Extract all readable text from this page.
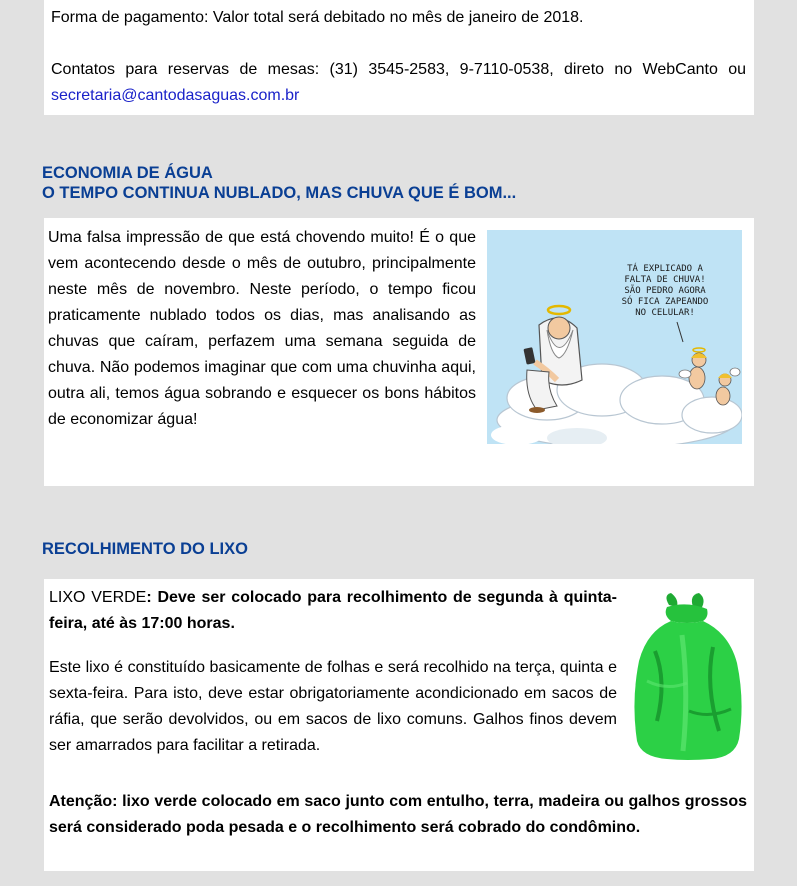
Forma de pagamento: Valor total será debitado no mês de janeiro de 2018.

Contatos para reservas de mesas: (31) 3545-2583, 9-7110-0538, direto no WebCanto ou secretaria@cantodasaguas.com.br

ECONOMIA DE ÁGUA
O TEMPO CONTINUA NUBLADO, MAS CHUVA QUE É BOM...

Uma falsa impressão de que está chovendo muito! É o que vem acontecendo desde o mês de outubro, principalmente neste mês de novembro. Neste período, o tempo ficou praticamente nublado todos os dias, mas analisando as chuvas que caíram, perfazem uma semana seguida de chuva. Não podemos imaginar que com uma chuvinha aqui, outra ali, temos água sobrando e esquecer os bons hábitos de economizar água!

TÁ EXPLICADO A
FALTA DE CHUVA!
SÃO PEDRO AGORA
SÓ FICA ZAPEANDO
NO CELULAR!
RECOLHIMENTO DO LIXO

LIXO VERDE: Deve ser colocado para recolhimento de segunda à quinta-feira, até às 17:00 horas.

Este lixo é constituído basicamente de folhas e será recolhido na terça, quinta e sexta-feira. Para isto, deve estar obrigatoriamente acondicionado em sacos de ráfia, que serão devolvidos, ou em sacos de lixo comuns. Galhos finos devem ser amarrados para facilitar a retirada.

Atenção: lixo verde colocado em saco junto com entulho, terra, madeira ou galhos grossos será considerado poda pesada e o recolhimento será cobrado do condômino.
